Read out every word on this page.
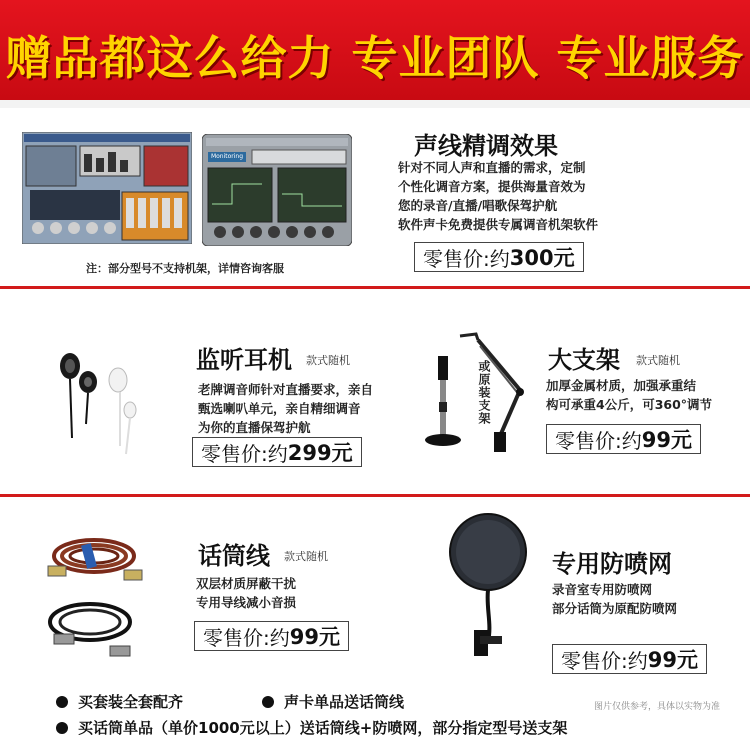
赠品都这么给力 专业团队 专业服务
Monitoring	声线精调效果
针对不同人声和直播的需求，定制
个性化调音方案，提供海量音效为
您的录音/直播/唱歌保驾护航
软件声卡免费提供专属调音机架软件
零售价:约 300元
注：部分型号不支持机架，详情咨询客服
监听耳机 款式随机
老牌调音师针对直播要求，亲自
甄选喇叭单元，亲自精细调音
为你的直播保驾护航
零售价:约 299元
或原装支架 大支架 款式随机
加厚金属材质，加强承重结
构可承重4公斤，可360°调节
零售价:约 99元
话筒线 款式随机
双层材质屏蔽干扰
专用导线减小音损
零售价:约 99元
专用防喷网
录音室专用防喷网
部分话筒为原配防喷网
零售价:约 99元
买套装全套配齐	声卡单品送话筒线	图片仅供参考，具体以实物为准
买话筒单品（单价1000元以上）送话筒线+防喷网，部分指定型号送支架
